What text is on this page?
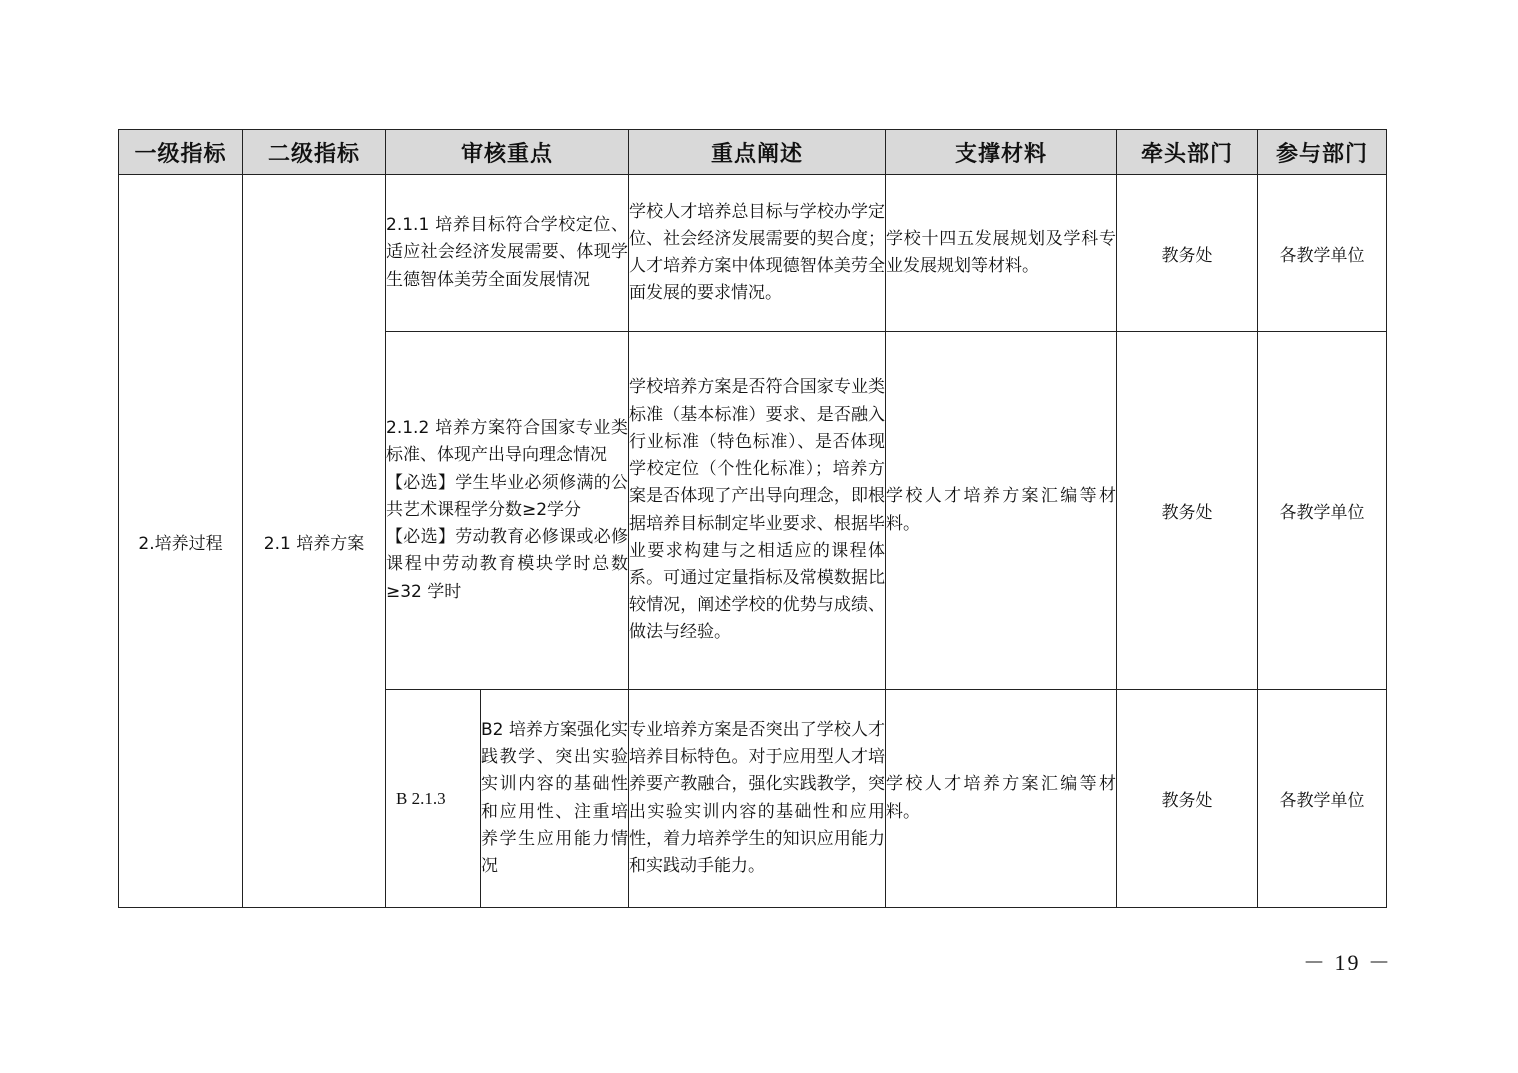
一级指标	二级指标	审核重点		重点阐述	支撑材料	牵头部门	参与部门
2.培养过程	2.1 培养方案	2.1.1 培养目标符合学校定位、适应社会经济发展需要、体现学生德智体美劳全面发展情况		学校人才培养总目标与学校办学定位、社会经济发展需要的契合度；人才培养方案中体现德智体美劳全面发展的要求情况。	学校十四五发展规划及学科专业发展规划等材料。	教务处	各教学单位

		2.1.2 培养方案符合国家专业类标准、体现产出导向理念情况
【必选】学生毕业必须修满的公共艺术课程学分数≥2学分
【必选】劳动教育必修课或必修课程中劳动教育模块学时总数≥32 学时		学校培养方案是否符合国家专业类标准（基本标准）要求、是否融入行业标准（特色标准）、是否体现学校定位（个性化标准）；培养方案是否体现了产出导向理念，即根据培养目标制定毕业要求、根据毕业要求构建与之相适应的课程体系。可通过定量指标及常模数据比较情况，阐述学校的优势与成绩、做法与经验。	学校人才培养方案汇编等材料。	教务处	各教学单位

		B 2.1.3	B2 培养方案强化实践教学、突出实验实训内容的基础性和应用性、注重培养学生应用能力情况	专业培养方案是否突出了学校人才培养目标特色。对于应用型人才培养要产教融合，强化实践教学，突出实验实训内容的基础性和应用性，着力培养学生的知识应用能力和实践动手能力。	学校人才培养方案汇编等材料。	教务处	各教学单位
－ 19 －
